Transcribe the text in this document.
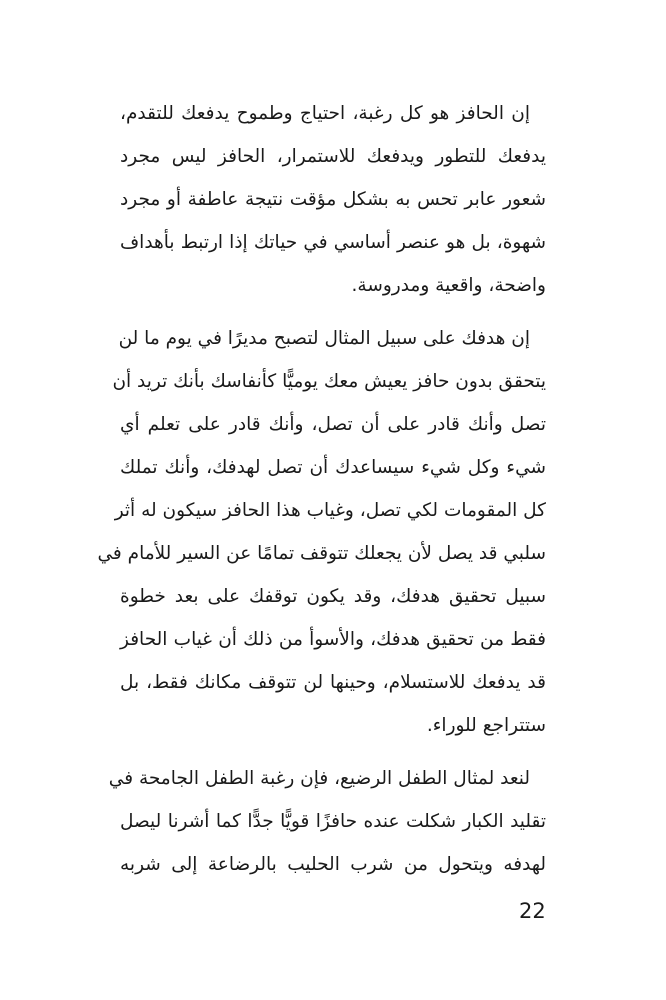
إن الحافز هو كل رغبة، احتياج وطموح يدفعك للتقدم،
يدفعك للتطور ويدفعك للاستمرار، الحافز ليس مجرد
شعور عابر تحس به بشكل مؤقت نتيجة عاطفة أو مجرد
شهوة، بل هو عنصر أساسي في حياتك إذا ارتبط بأهداف
واضحة، واقعية ومدروسة.
إن هدفك على سبيل المثال لتصبح مديرًا في يوم ما لن
يتحقق بدون حافز يعيش معك يوميًّا كأنفاسك بأنك تريد أن
تصل وأنك قادر على أن تصل، وأنك قادر على تعلم أي
شيء وكل شيء سيساعدك أن تصل لهدفك، وأنك تملك
كل المقومات لكي تصل، وغياب هذا الحافز سيكون له أثر
سلبي قد يصل لأن يجعلك تتوقف تمامًا عن السير للأمام في
سبيل تحقيق هدفك، وقد يكون توقفك على بعد خطوة
فقط من تحقيق هدفك، والأسوأ من ذلك أن غياب الحافز
قد يدفعك للاستسلام، وحينها لن تتوقف مكانك فقط، بل
ستتراجع للوراء.
لنعد لمثال الطفل الرضيع، فإن رغبة الطفل الجامحة في
تقليد الكبار شكلت عنده حافزًا قويًّا جدًّا كما أشرنا ليصل
لهدفه ويتحول من شرب الحليب بالرضاعة إلى شربه
22
